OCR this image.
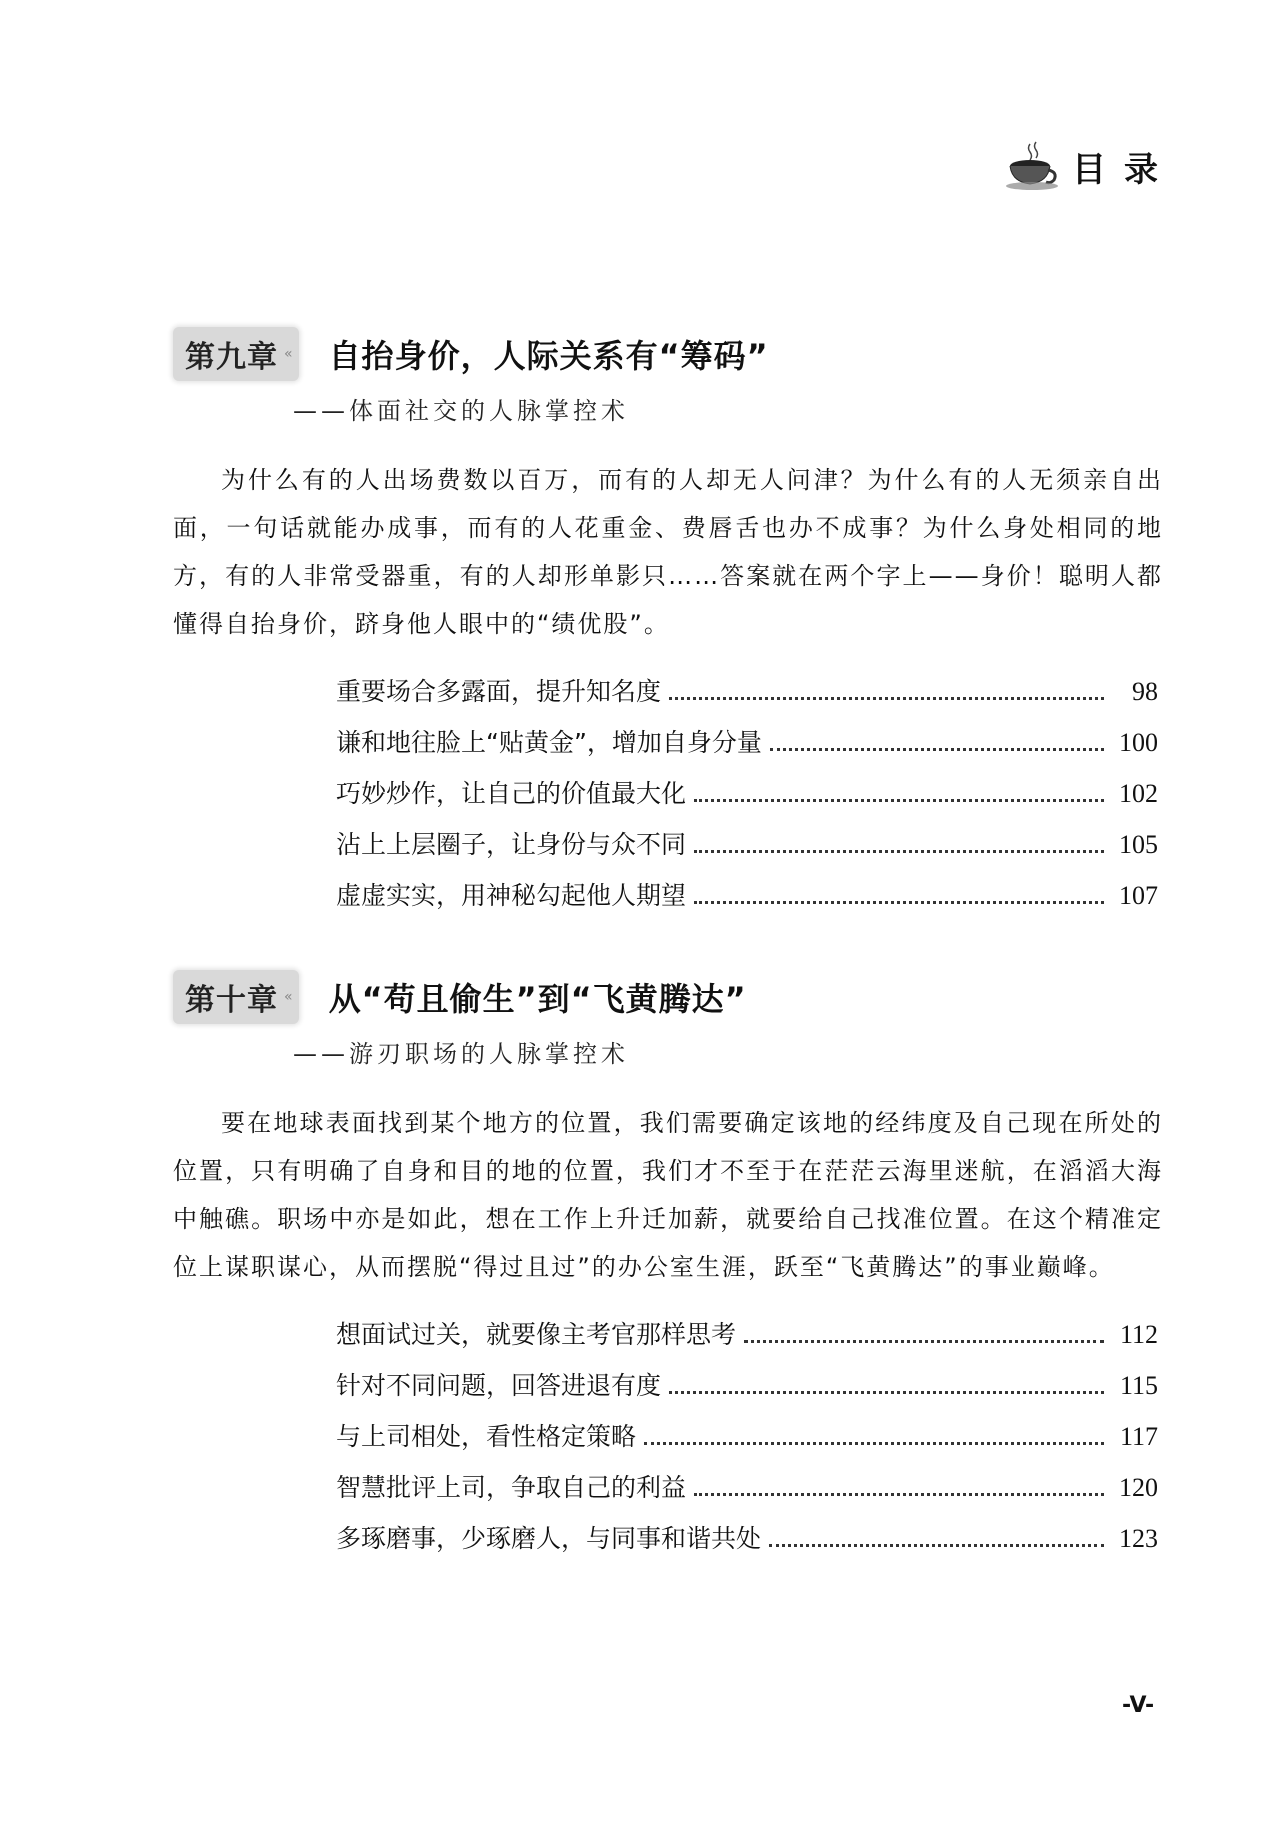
目录
第九章 « 自抬身价，人际关系有“筹码”
——体面社交的人脉掌控术

为什么有的人出场费数以百万，而有的人却无人问津？为什么有的人无须亲自出面，一句话就能办成事，而有的人花重金、费唇舌也办不成事？为什么身处相同的地方，有的人非常受器重，有的人却形单影只……答案就在两个字上——身价！聪明人都懂得自抬身价，跻身他人眼中的“绩优股”。

重要场合多露面，提升知名度	98
谦和地往脸上“贴黄金”，增加自身分量	100
巧妙炒作，让自己的价值最大化	102
沾上上层圈子，让身份与众不同	105
虚虚实实，用神秘勾起他人期望	107
第十章 « 从“苟且偷生”到“飞黄腾达”
——游刃职场的人脉掌控术

要在地球表面找到某个地方的位置，我们需要确定该地的经纬度及自己现在所处的位置，只有明确了自身和目的地的位置，我们才不至于在茫茫云海里迷航，在滔滔大海中触礁。职场中亦是如此，想在工作上升迁加薪，就要给自己找准位置。在这个精准定位上谋职谋心，从而摆脱“得过且过”的办公室生涯，跃至“飞黄腾达”的事业巅峰。

想面试过关，就要像主考官那样思考	112
针对不同问题，回答进退有度	115
与上司相处，看性格定策略	117
智慧批评上司，争取自己的利益	120
多琢磨事，少琢磨人，与同事和谐共处	123
-V-
